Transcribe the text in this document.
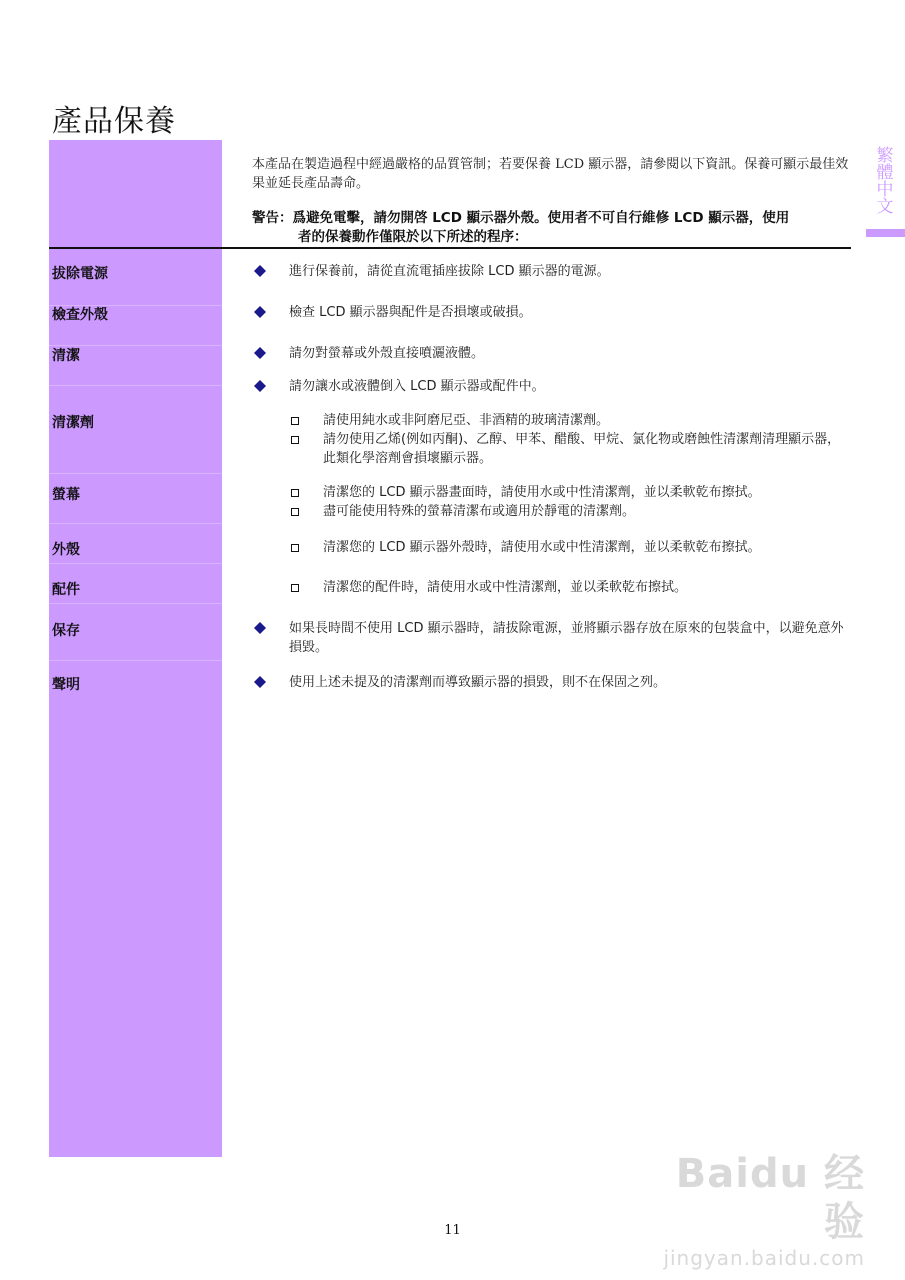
產品保養
繁體中文
本產品在製造過程中經過嚴格的品質管制；若要保養 LCD 顯示器，請參閱以下資訊。保養可顯示最佳效果並延長產品壽命。
警告：爲避免電擊，請勿開啓 LCD 顯示器外殼。使用者不可自行維修 LCD 顯示器，使用
者的保養動作僅限於以下所述的程序：
拔除電源
檢查外殼
清潔
清潔劑
螢幕
外殼
配件
保存
聲明
進行保養前，請從直流電插座拔除 LCD 顯示器的電源。
檢查 LCD 顯示器與配件是否損壞或破損。
請勿對螢幕或外殼直接噴灑液體。
請勿讓水或液體倒入 LCD 顯示器或配件中。
請使用純水或非阿磨尼亞、非酒精的玻璃清潔劑。
請勿使用乙烯(例如丙酮)、乙醇、甲苯、醋酸、甲烷、氯化物或磨蝕性清潔劑清理顯示器，此類化學溶劑會損壞顯示器。
清潔您的 LCD 顯示器畫面時，請使用水或中性清潔劑，並以柔軟乾布擦拭。
盡可能使用特殊的螢幕清潔布或適用於靜電的清潔劑。
清潔您的 LCD 顯示器外殼時，請使用水或中性清潔劑，並以柔軟乾布擦拭。
清潔您的配件時，請使用水或中性清潔劑，並以柔軟乾布擦拭。
如果長時間不使用 LCD 顯示器時，請拔除電源，並將顯示器存放在原來的包裝盒中，以避免意外損毀。
使用上述未提及的清潔劑而導致顯示器的損毀，則不在保固之列。
11
Baidu 经验
jingyan.baidu.com
